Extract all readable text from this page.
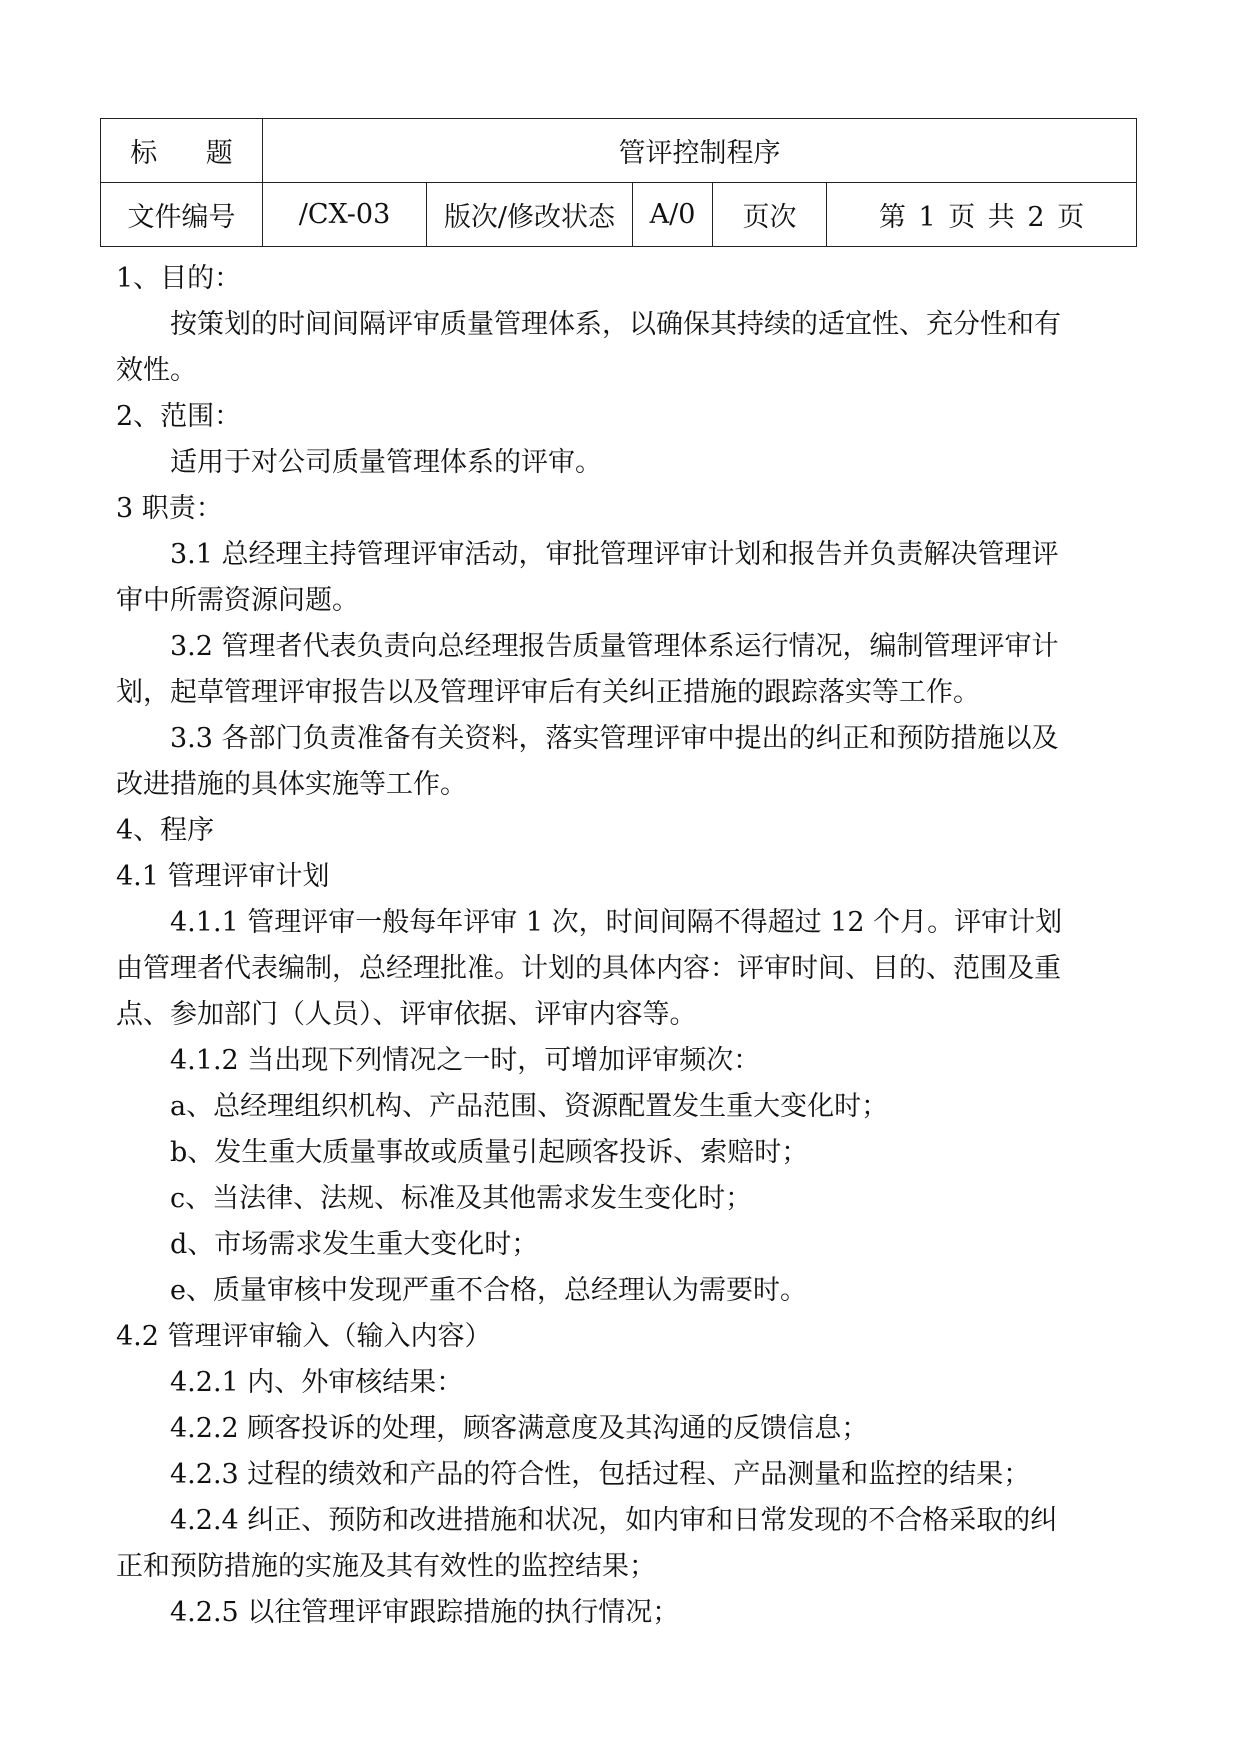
标 题	管评控制程序				
文件编号	/CX-03	版次/修改状态	A/0	页次	第 1 页 共 2 页
1、目的：
按策划的时间间隔评审质量管理体系，以确保其持续的适宜性、充分性和有
效性。
2、范围：
适用于对公司质量管理体系的评审。
3 职责：
3.1 总经理主持管理评审活动，审批管理评审计划和报告并负责解决管理评
审中所需资源问题。
3.2 管理者代表负责向总经理报告质量管理体系运行情况，编制管理评审计
划，起草管理评审报告以及管理评审后有关纠正措施的跟踪落实等工作。
3.3 各部门负责准备有关资料，落实管理评审中提出的纠正和预防措施以及
改进措施的具体实施等工作。
4、程序
4.1 管理评审计划
4.1.1 管理评审一般每年评审 1 次，时间间隔不得超过 12 个月。评审计划
由管理者代表编制，总经理批准。计划的具体内容：评审时间、目的、范围及重
点、参加部门（人员）、评审依据、评审内容等。
4.1.2 当出现下列情况之一时，可增加评审频次：
a、总经理组织机构、产品范围、资源配置发生重大变化时；
b、发生重大质量事故或质量引起顾客投诉、索赔时；
c、当法律、法规、标准及其他需求发生变化时；
d、市场需求发生重大变化时；
e、质量审核中发现严重不合格，总经理认为需要时。
4.2 管理评审输入（输入内容）
4.2.1 内、外审核结果：
4.2.2 顾客投诉的处理，顾客满意度及其沟通的反馈信息；
4.2.3 过程的绩效和产品的符合性，包括过程、产品测量和监控的结果；
4.2.4 纠正、预防和改进措施和状况，如内审和日常发现的不合格采取的纠
正和预防措施的实施及其有效性的监控结果；
4.2.5 以往管理评审跟踪措施的执行情况；
